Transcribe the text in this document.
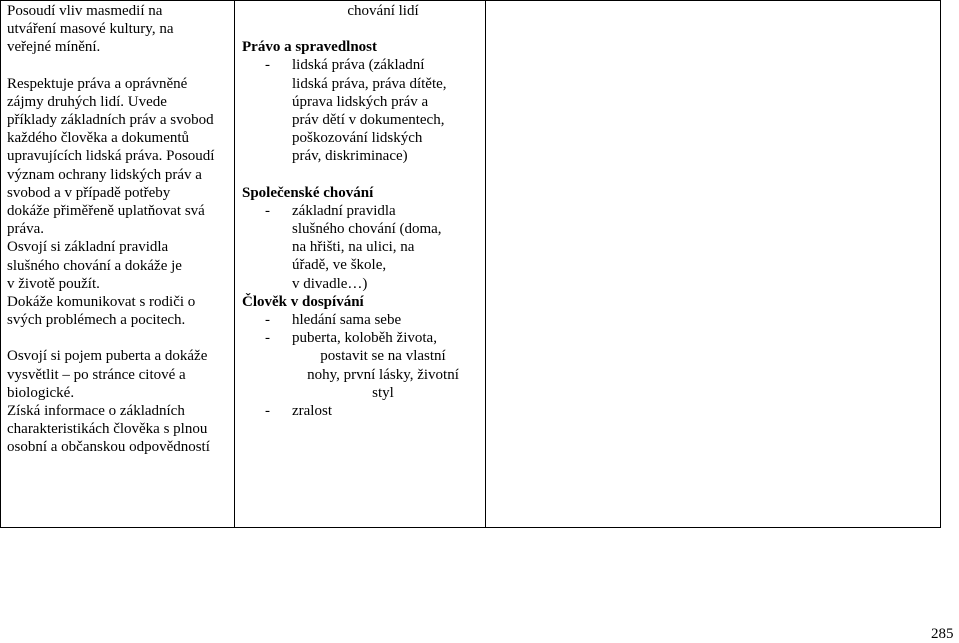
Posoudí vliv masmedií na

utváření masové kultury, na

veřejné mínění.

Respektuje práva a oprávněné

zájmy druhých lidí. Uvede

příklady základních práv a svobod

každého člověka a dokumentů

upravujících lidská práva. Posoudí

význam ochrany lidských práv a

svobod a v případě potřeby

dokáže přiměřeně uplatňovat svá

práva.

Osvojí si základní pravidla

slušného chování a dokáže je

v životě použít.

Dokáže komunikovat s rodiči o

svých problémech a pocitech.

Osvojí si pojem puberta a dokáže

vysvětlit – po stránce citové a

biologické.

Získá informace o základních

charakteristikách člověka s plnou

osobní a občanskou odpovědností

chování lidí

Právo a spravedlnost

- lidská práva (základní

lidská práva, práva dítěte,

úprava lidských práv a

práv dětí v dokumentech,

poškozování lidských

práv, diskriminace)

Společenské chování

- základní pravidla

slušného chování (doma,

na hřišti, na ulici, na

úřadě, ve škole,

v divadle…)

Člověk v dospívání

- hledání sama sebe

- puberta, koloběh života,

postavit se na vlastní

nohy, první lásky, životní

styl

- zralost

285
